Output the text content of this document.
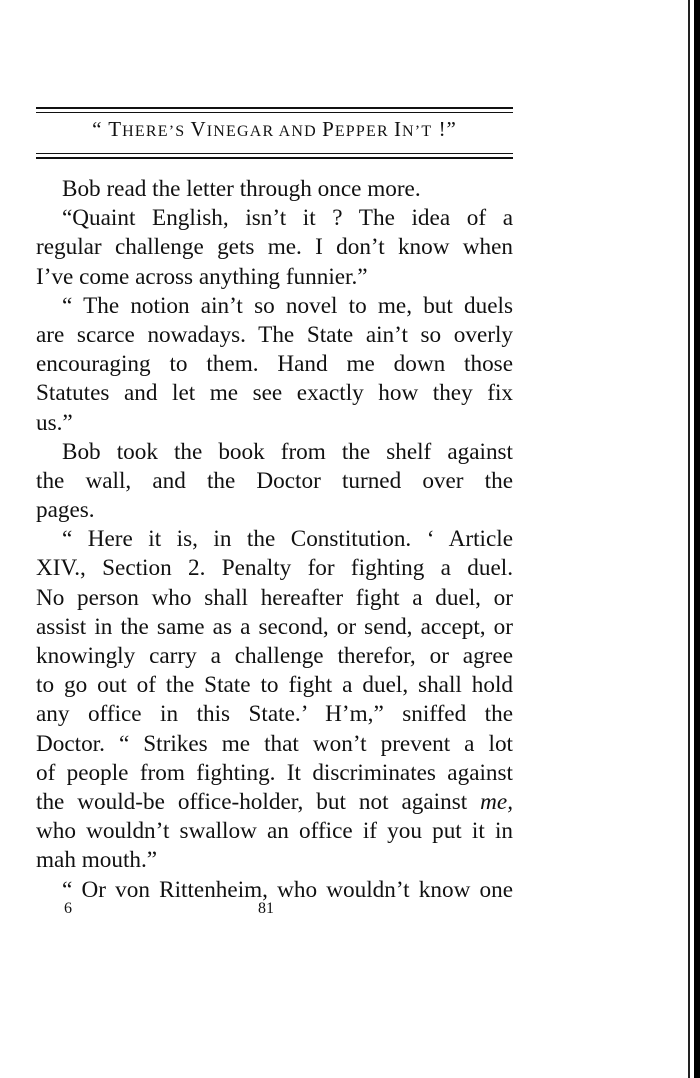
“ THERE’S VINEGAR AND PEPPER IN’T !”
Bob read the letter through once more.
“Quaint English, isn’t it ? The idea of a
regular challenge gets me. I don’t know when
I’ve come across anything funnier.”
“ The notion ain’t so novel to me, but duels
are scarce nowadays. The State ain’t so overly
encouraging to them. Hand me down those
Statutes and let me see exactly how they fix
us.”
Bob took the book from the shelf against
the wall, and the Doctor turned over the
pages.
“ Here it is, in the Constitution. ‘ Article
XIV., Section 2. Penalty for fighting a duel.
No person who shall hereafter fight a duel, or
assist in the same as a second, or send, accept, or
knowingly carry a challenge therefor, or agree
to go out of the State to fight a duel, shall hold
any office in this State.’ H’m,” sniffed the
Doctor. “ Strikes me that won’t prevent a lot
of people from fighting. It discriminates against
the would-be office-holder, but not against me,
who wouldn’t swallow an office if you put it in
mah mouth.”
“ Or von Rittenheim, who wouldn’t know one
6	81
